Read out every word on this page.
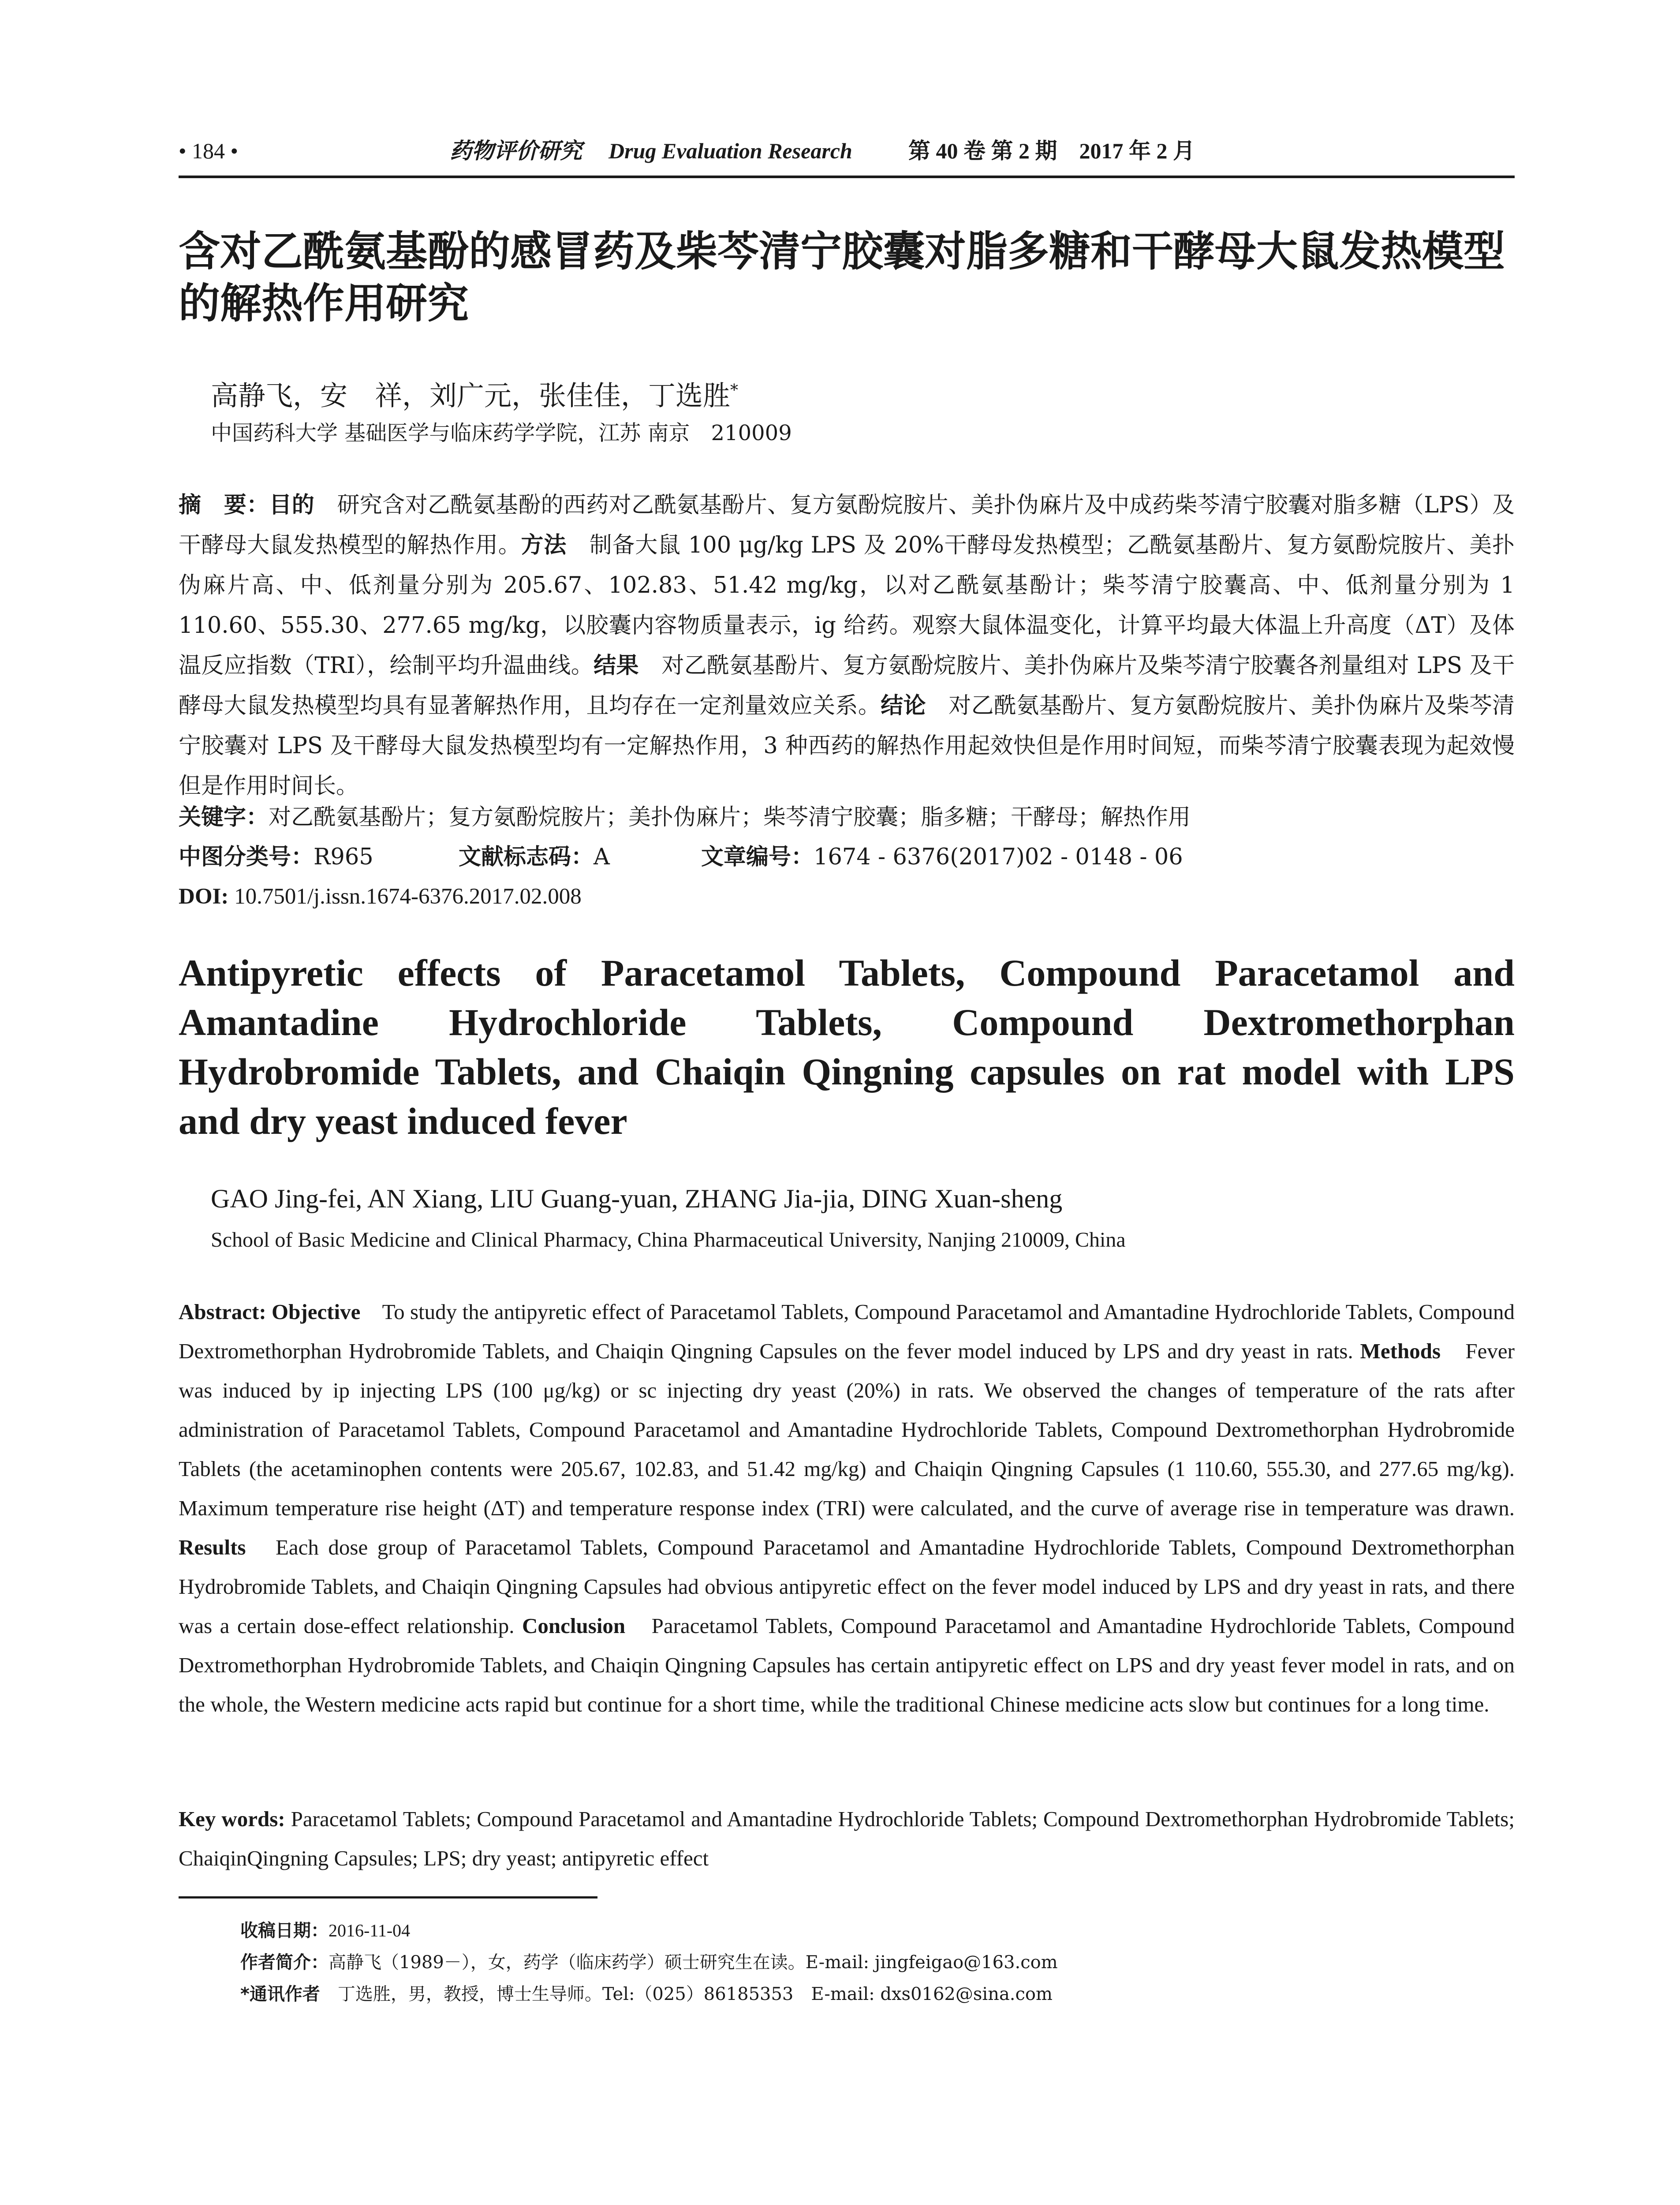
• 184 •	药物评价研究 Drug Evaluation Research	第 40 卷 第 2 期　2017 年 2 月
含对乙酰氨基酚的感冒药及柴芩清宁胶囊对脂多糖和干酵母大鼠发热模型
的解热作用研究
高静飞，安　祥，刘广元，张佳佳，丁选胜*
中国药科大学 基础医学与临床药学学院，江苏 南京　210009
摘　要：目的　研究含对乙酰氨基酚的西药对乙酰氨基酚片、复方氨酚烷胺片、美扑伪麻片及中成药柴芩清宁胶囊对脂多糖（LPS）及干酵母大鼠发热模型的解热作用。方法　制备大鼠 100 μg/kg LPS 及 20%干酵母发热模型；乙酰氨基酚片、复方氨酚烷胺片、美扑伪麻片高、中、低剂量分别为 205.67、102.83、51.42 mg/kg，以对乙酰氨基酚计；柴芩清宁胶囊高、中、低剂量分别为 1 110.60、555.30、277.65 mg/kg，以胶囊内容物质量表示，ig 给药。观察大鼠体温变化，计算平均最大体温上升高度（ΔT）及体温反应指数（TRI），绘制平均升温曲线。结果　对乙酰氨基酚片、复方氨酚烷胺片、美扑伪麻片及柴芩清宁胶囊各剂量组对 LPS 及干酵母大鼠发热模型均具有显著解热作用，且均存在一定剂量效应关系。结论　对乙酰氨基酚片、复方氨酚烷胺片、美扑伪麻片及柴芩清宁胶囊对 LPS 及干酵母大鼠发热模型均有一定解热作用，3 种西药的解热作用起效快但是作用时间短，而柴芩清宁胶囊表现为起效慢但是作用时间长。
关键字：对乙酰氨基酚片；复方氨酚烷胺片；美扑伪麻片；柴芩清宁胶囊；脂多糖；干酵母；解热作用
中图分类号：R965	文献标志码：A	文章编号：1674 - 6376(2017)02 - 0148 - 06
DOI: 10.7501/j.issn.1674-6376.2017.02.008
Antipyretic effects of Paracetamol Tablets, Compound Paracetamol and Amantadine Hydrochloride Tablets, Compound Dextromethorphan Hydrobromide Tablets, and Chaiqin Qingning capsules on rat model with LPS and dry yeast induced fever
GAO Jing-fei, AN Xiang, LIU Guang-yuan, ZHANG Jia-jia, DING Xuan-sheng
School of Basic Medicine and Clinical Pharmacy, China Pharmaceutical University, Nanjing 210009, China
Abstract: Objective　To study the antipyretic effect of Paracetamol Tablets, Compound Paracetamol and Amantadine Hydrochloride Tablets, Compound Dextromethorphan Hydrobromide Tablets, and Chaiqin Qingning Capsules on the fever model induced by LPS and dry yeast in rats. Methods　Fever was induced by ip injecting LPS (100 μg/kg) or sc injecting dry yeast (20%) in rats. We observed the changes of temperature of the rats after administration of Paracetamol Tablets, Compound Paracetamol and Amantadine Hydrochloride Tablets, Compound Dextromethorphan Hydrobromide Tablets (the acetaminophen contents were 205.67, 102.83, and 51.42 mg/kg) and Chaiqin Qingning Capsules (1 110.60, 555.30, and 277.65 mg/kg). Maximum temperature rise height (ΔT) and temperature response index (TRI) were calculated, and the curve of average rise in temperature was drawn. Results　Each dose group of Paracetamol Tablets, Compound Paracetamol and Amantadine Hydrochloride Tablets, Compound Dextromethorphan Hydrobromide Tablets, and Chaiqin Qingning Capsules had obvious antipyretic effect on the fever model induced by LPS and dry yeast in rats, and there was a certain dose-effect relationship. Conclusion　Paracetamol Tablets, Compound Paracetamol and Amantadine Hydrochloride Tablets, Compound Dextromethorphan Hydrobromide Tablets, and Chaiqin Qingning Capsules has certain antipyretic effect on LPS and dry yeast fever model in rats, and on the whole, the Western medicine acts rapid but continue for a short time, while the traditional Chinese medicine acts slow but continues for a long time.
Key words: Paracetamol Tablets; Compound Paracetamol and Amantadine Hydrochloride Tablets; Compound Dextromethorphan Hydrobromide Tablets; ChaiqinQingning Capsules; LPS; dry yeast; antipyretic effect
收稿日期：2016-11-04
作者简介：高静飞（1989－），女，药学（临床药学）硕士研究生在读。E-mail: jingfeigao@163.com
*通讯作者　丁选胜，男，教授，博士生导师。Tel:（025）86185353　E-mail: dxs0162@sina.com
